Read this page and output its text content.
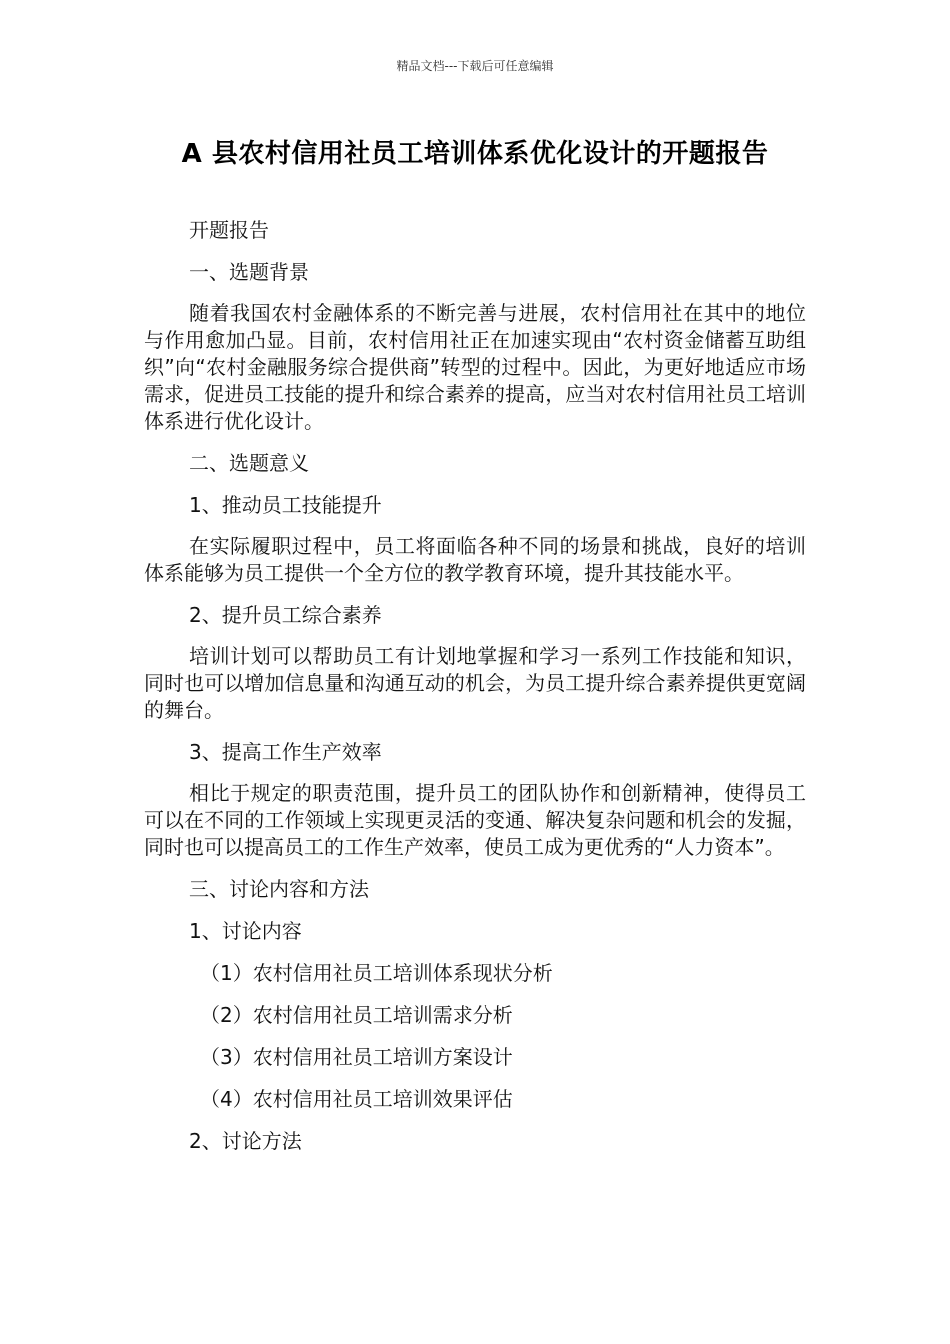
精品文档---下载后可任意编辑
A 县农村信用社员工培训体系优化设计的开题报告
开题报告
一、选题背景
随着我国农村金融体系的不断完善与进展，农村信用社在其中的地位与作用愈加凸显。目前，农村信用社正在加速实现由“农村资金储蓄互助组织”向“农村金融服务综合提供商”转型的过程中。因此，为更好地适应市场需求，促进员工技能的提升和综合素养的提高，应当对农村信用社员工培训体系进行优化设计。
二、选题意义
1、推动员工技能提升
在实际履职过程中，员工将面临各种不同的场景和挑战，良好的培训体系能够为员工提供一个全方位的教学教育环境，提升其技能水平。
2、提升员工综合素养
培训计划可以帮助员工有计划地掌握和学习一系列工作技能和知识，同时也可以增加信息量和沟通互动的机会，为员工提升综合素养提供更宽阔的舞台。
3、提高工作生产效率
相比于规定的职责范围，提升员工的团队协作和创新精神，使得员工可以在不同的工作领域上实现更灵活的变通、解决复杂问题和机会的发掘，同时也可以提高员工的工作生产效率，使员工成为更优秀的“人力资本”。
三、讨论内容和方法
1、讨论内容
（1）农村信用社员工培训体系现状分析
（2）农村信用社员工培训需求分析
（3）农村信用社员工培训方案设计
（4）农村信用社员工培训效果评估
2、讨论方法
